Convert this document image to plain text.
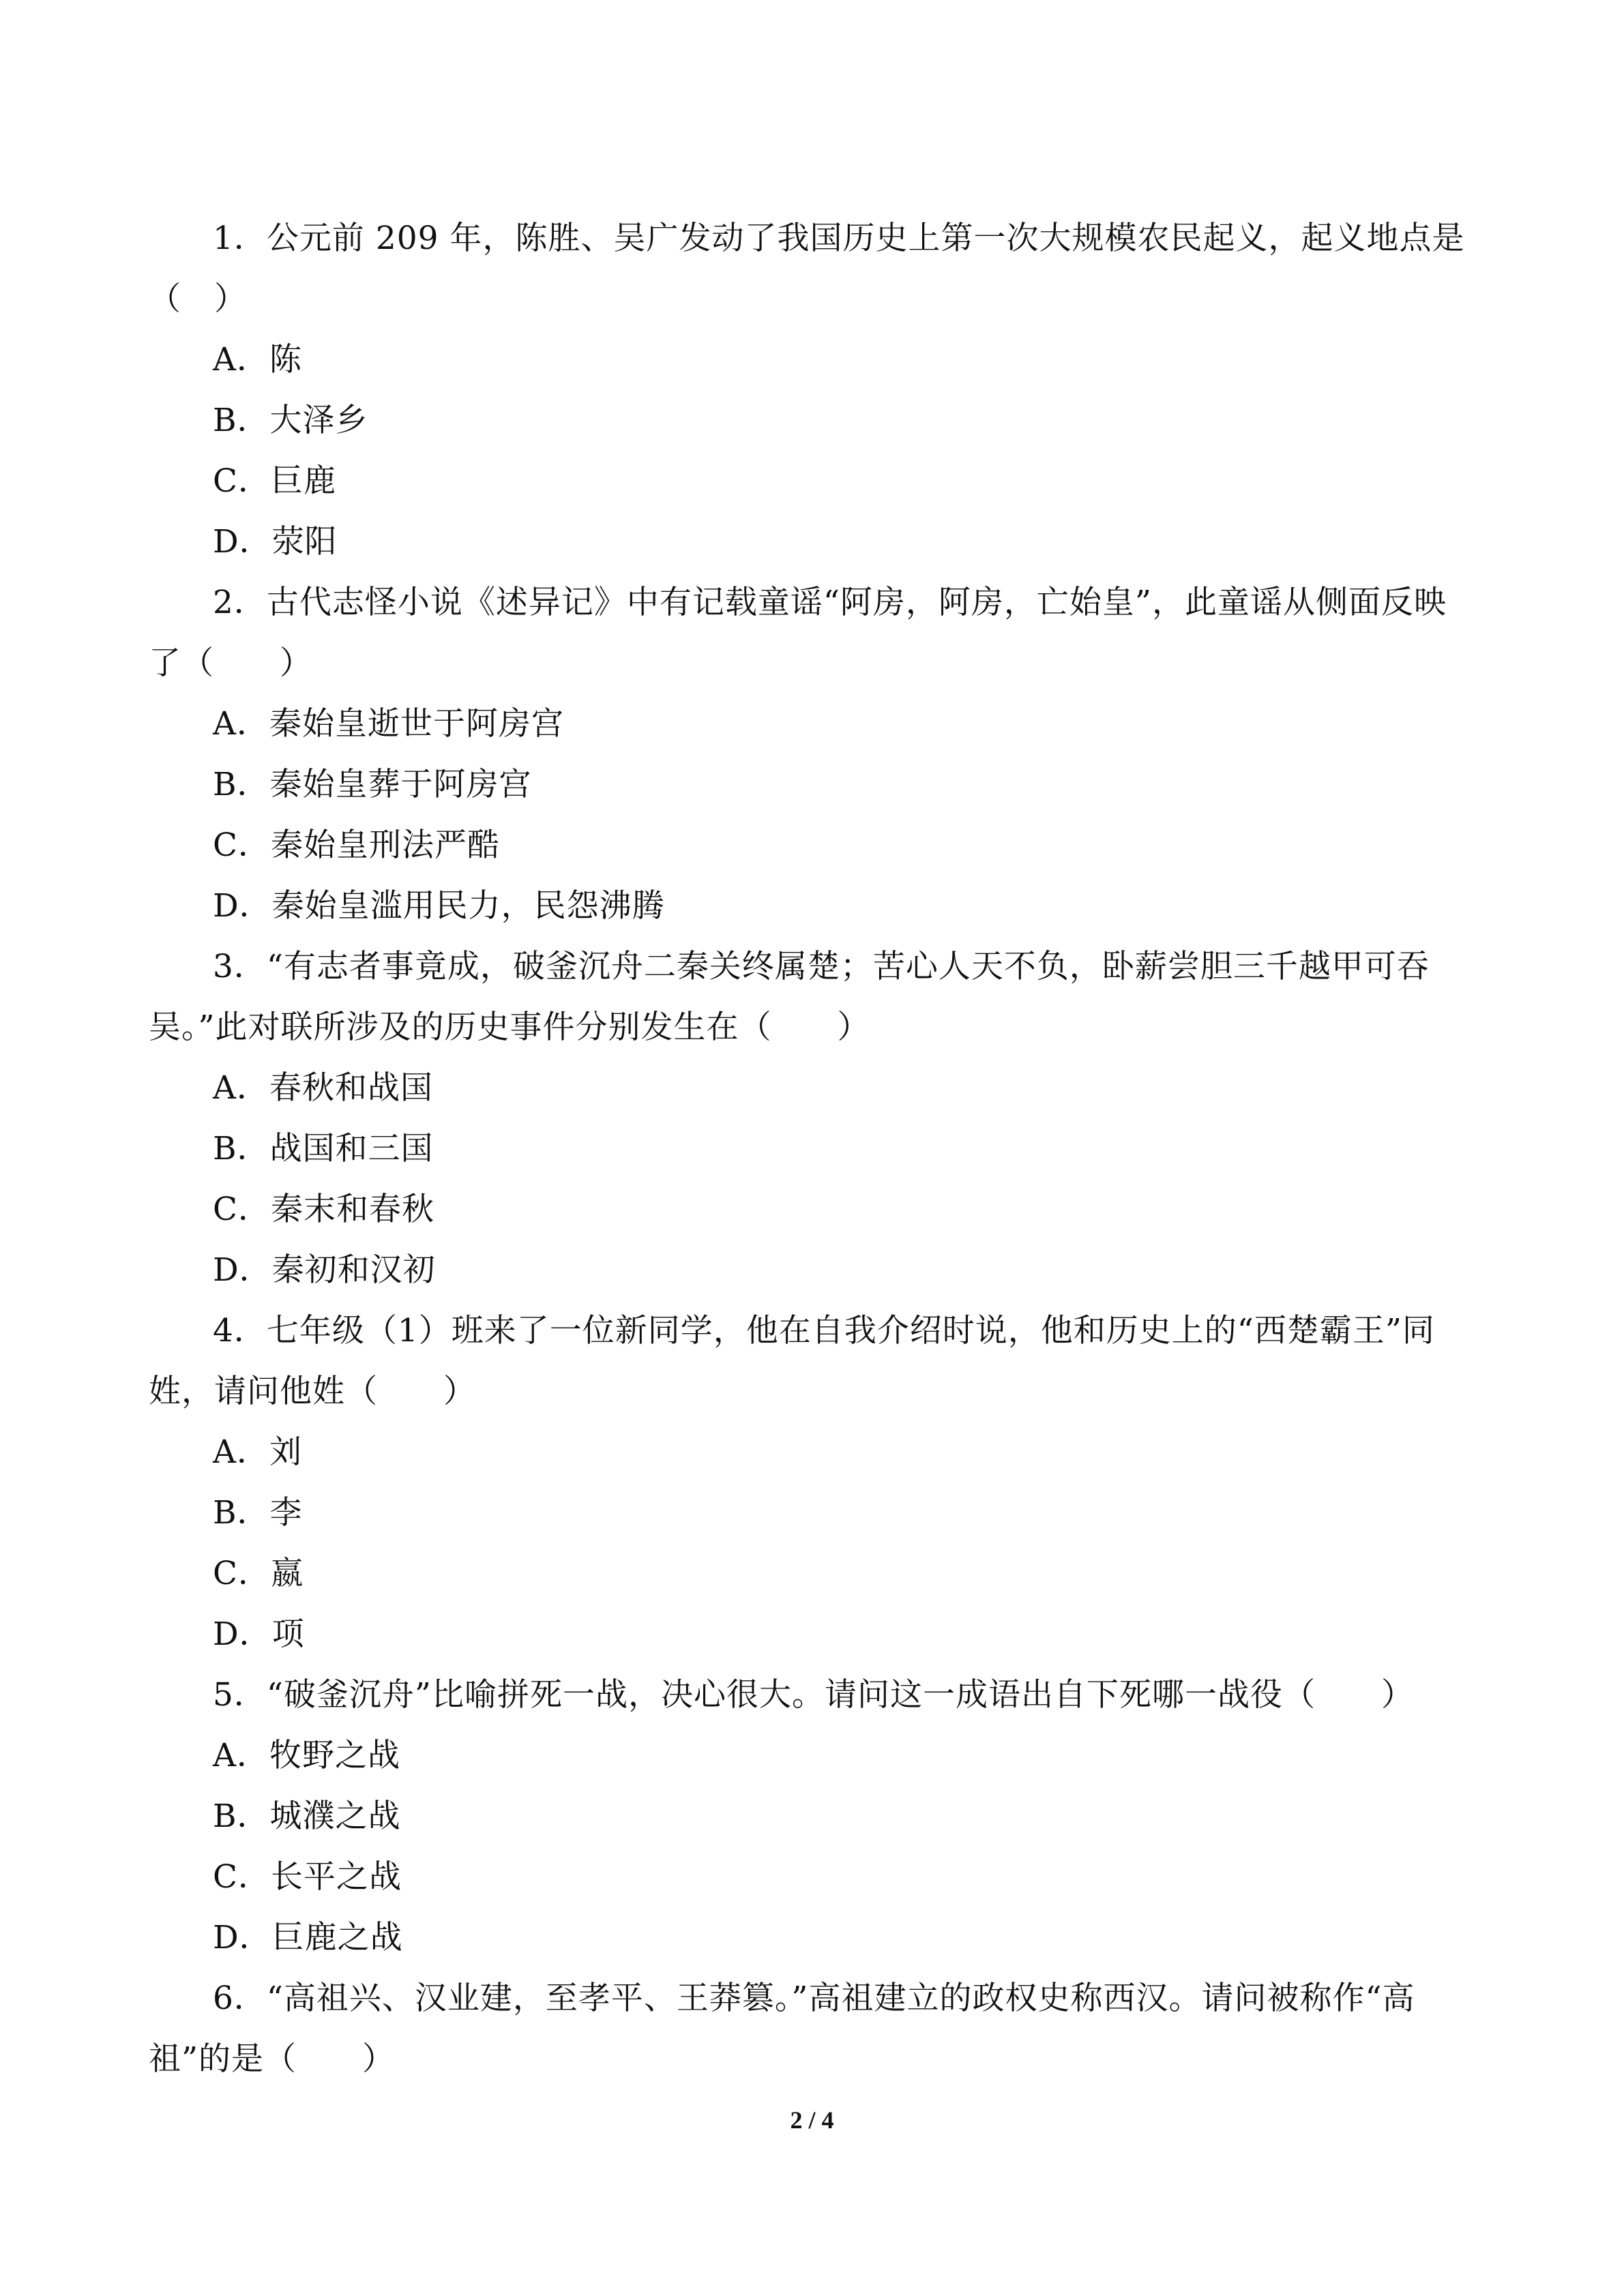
1．公元前 209 年，陈胜、吴广发动了我国历史上第一次大规模农民起义，起义地点是（　）

A．陈

B．大泽乡

C．巨鹿

D．荥阳

2．古代志怪小说《述异记》中有记载童谣“阿房，阿房，亡始皇”，此童谣从侧面反映了（　　）

A．秦始皇逝世于阿房宫

B．秦始皇葬于阿房宫

C．秦始皇刑法严酷

D．秦始皇滥用民力，民怨沸腾

3．“有志者事竟成，破釜沉舟二秦关终属楚；苦心人天不负，卧薪尝胆三千越甲可吞吴。”此对联所涉及的历史事件分别发生在（　　）

A．春秋和战国

B．战国和三国

C．秦末和春秋

D．秦初和汉初

4．七年级（1）班来了一位新同学，他在自我介绍时说，他和历史上的“西楚霸王”同姓，请问他姓（　　）

A．刘

B．李

C．嬴

D．项

5．“破釜沉舟”比喻拼死一战，决心很大。请问这一成语出自下死哪一战役（　　）

A．牧野之战

B．城濮之战

C．长平之战

D．巨鹿之战

6．“高祖兴、汉业建，至孝平、王莽篡。”高祖建立的政权史称西汉。请问被称作“高祖”的是（　　）

2 / 4
